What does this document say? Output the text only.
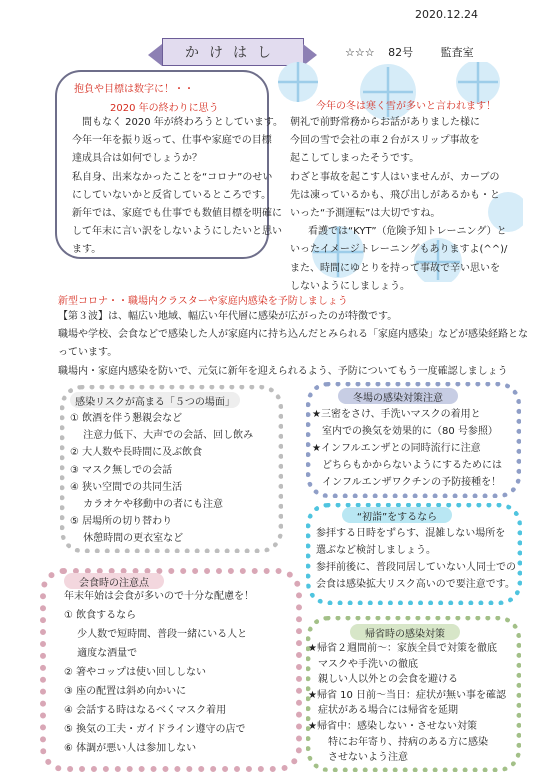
2020.12.24
かけはし	☆☆☆ 82号	監査室
抱負や目標は数字に！・・
2020 年の終わりに思う
間もなく 2020 年が終わろうとしています。
今年一年を振り返って、仕事や家庭での目標
達成具合は如何でしょうか？
私自身、出来なかったことを“コロナ”のせい
にしていないかと反省しているところです。
新年では、家庭でも仕事でも数値目標を明確に
して年末に言い訳をしないようにしたいと思い
ます。
今年の冬は寒く雪が多いと言われます！
朝礼で前野常務からお話がありました様に
今回の雪で会社の車２台がスリップ事故を
起こしてしまったそうです。
わざと事故を起こす人はいませんが、カーブの
先は凍っているかも、飛び出しがあるかも・と
いった“予測運転”は大切ですね。
看護では“KYT”（危険予知トレーニング）と
いったイメージトレーニングもありますよ(^^)/
また、時間にゆとりを持って事故で辛い思いを
しないようにしましょう。
新型コロナ・・職場内クラスターや家庭内感染を予防しましょう
【第３波】は、幅広い地域、幅広い年代層に感染が広がったのが特徴です。
職場や学校、会食などで感染した人が家庭内に持ち込んだとみられる「家庭内感染」などが感染経路とな
っています。
職場内・家庭内感染を防いで、元気に新年を迎えられるよう、予防についてもう一度確認しましょう
感染リスクが高まる「５つの場面」
① 飲酒を伴う懇親会など
　 注意力低下、大声での会話、回し飲み
② 大人数や長時間に及ぶ飲食
③ マスク無しでの会話
④ 狭い空間での共同生活
　 カラオケや移動中の者にも注意
⑤ 居場所の切り替わり
　 休憩時間の更衣室など
冬場の感染対策注意
★三密をさけ、手洗いマスクの着用と
　室内での換気を効果的に（80 号参照）
★インフルエンザとの同時流行に注意
　どちらもかからないようにするためには
　インフルエンザワクチンの予防接種を！
“初詣”をするなら
参拝する日時をずらす、混雑しない場所を
選ぶなど検討しましょう。
参拝前後に、普段同居していない人同士での
会食は感染拡大リスク高いので要注意です。
会食時の注意点
年末年始は会食が多いので十分な配慮を！
① 飲食するなら
　 少人数で短時間、普段一緒にいる人と
　 適度な酒量で
② 箸やコップは使い回ししない
③ 座の配置は斜め向かいに
④ 会話する時はなるべくマスク着用
⑤ 換気の工夫・ガイドライン遵守の店で
⑥ 体調が悪い人は参加しない
帰省時の感染対策
★帰省２週間前～：家族全員で対策を徹底
　マスクや手洗いの徹底
　親しい人以外との会食を避ける
★帰省 10 日前～当日：症状が無い事を確認
　症状がある場合には帰省を延期
★帰省中：感染しない・させない対策
　　特にお年寄り、持病のある方に感染
　　させないよう注意
